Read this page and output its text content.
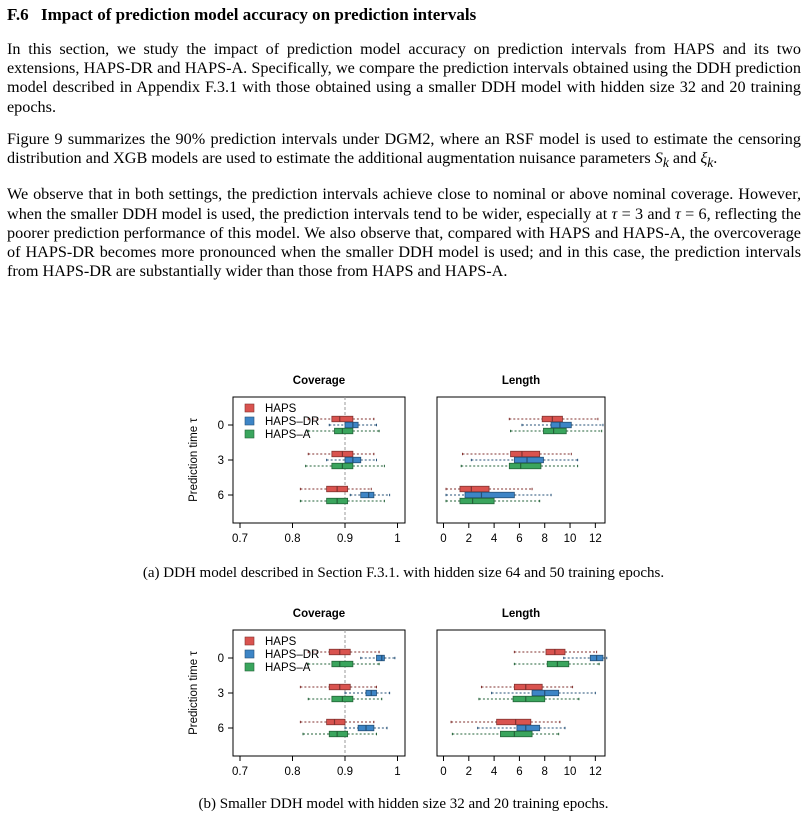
F.6 Impact of prediction model accuracy on prediction intervals

In this section, we study the impact of prediction model accuracy on prediction intervals from HAPS and its two extensions, HAPS-DR and HAPS-A. Specifically, we compare the prediction intervals obtained using the DDH prediction model described in Appendix F.3.1 with those obtained using a smaller DDH model with hidden size 32 and 20 training epochs.

Figure 9 summarizes the 90% prediction intervals under DGM2, where an RSF model is used to estimate the censoring distribution and XGB models are used to estimate the additional augmentation nuisance parameters $S_k$ and $\xi_k$.

We observe that in both settings, the prediction intervals achieve close to nominal or above nominal coverage. However, when the smaller DDH model is used, the prediction intervals tend to be wider, especially at τ = 3 and τ = 6, reflecting the poorer prediction performance of this model. We also observe that, compared with HAPS and HAPS-A, the overcoverage of HAPS-DR becomes more pronounced when the smaller DDH model is used; and in this case, the prediction intervals from HAPS-DR are substantially wider than those from HAPS and HAPS-A.

Coverage
0.7	0.8	0.9	1
0
3
6
Prediction time τ
HAPS
HAPS–DR
HAPS–A
Length
0 2 4 6 8 10 12
(a) DDH model described in Section F.3.1. with hidden size 64 and 50 training epochs.
Coverage
0.7	0.8	0.9	1
0
3
6
Prediction time τ
HAPS
HAPS–DR
HAPS–A
Length
0 2 4 6 8 10 12
(b) Smaller DDH model with hidden size 32 and 20 training epochs.
